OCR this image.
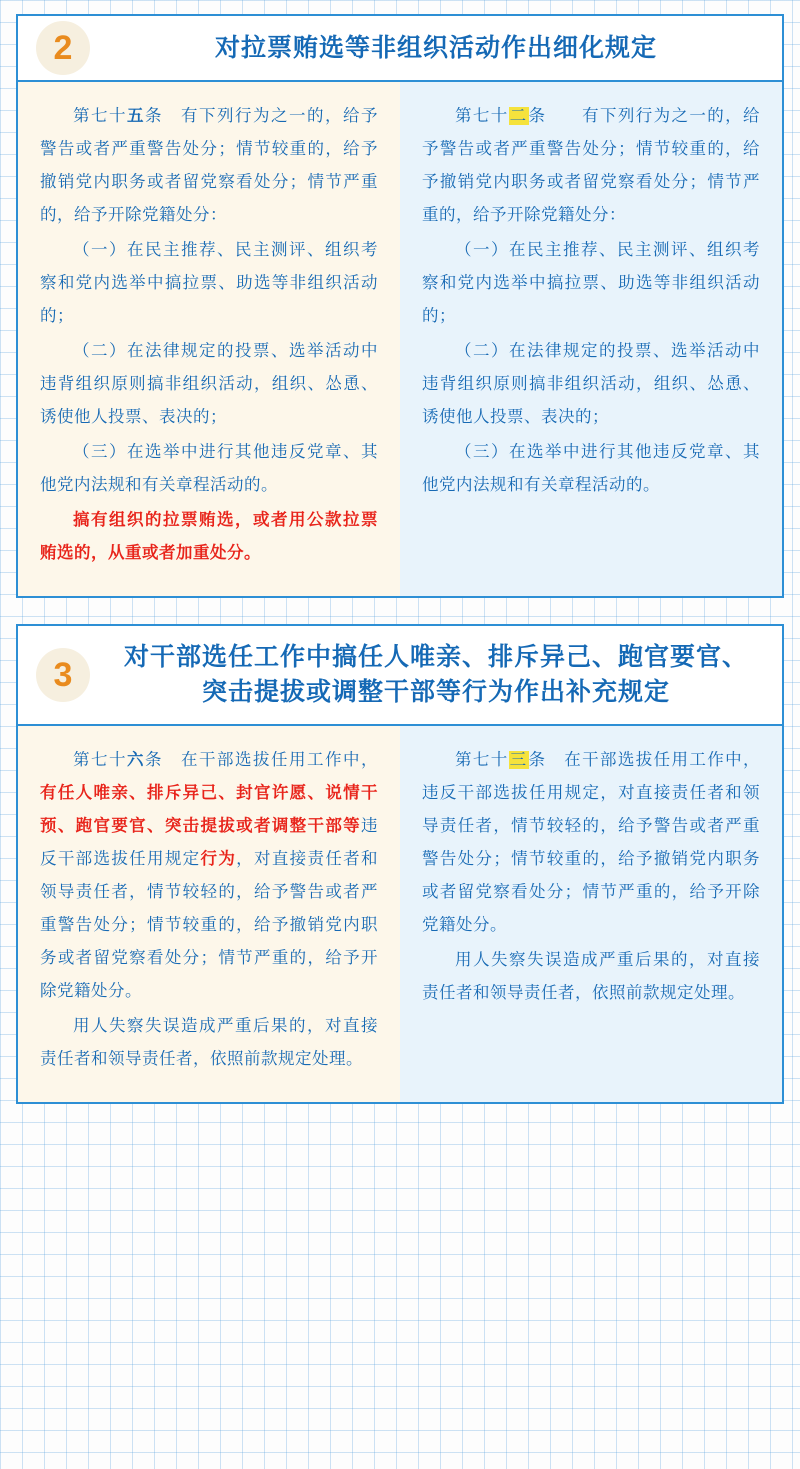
2	对拉票贿选等非组织活动作出细化规定

第七十五条　有下列行为之一的，给予警告或者严重警告处分；情节较重的，给予撤销党内职务或者留党察看处分；情节严重的，给予开除党籍处分：

（一）在民主推荐、民主测评、组织考察和党内选举中搞拉票、助选等非组织活动的；

（二）在法律规定的投票、选举活动中违背组织原则搞非组织活动，组织、怂恿、诱使他人投票、表决的；

（三）在选举中进行其他违反党章、其他党内法规和有关章程活动的。

搞有组织的拉票贿选，或者用公款拉票贿选的，从重或者加重处分。

第七十二条　　有下列行为之一的，给予警告或者严重警告处分；情节较重的，给予撤销党内职务或者留党察看处分；情节严重的，给予开除党籍处分：

（一）在民主推荐、民主测评、组织考察和党内选举中搞拉票、助选等非组织活动的；

（二）在法律规定的投票、选举活动中违背组织原则搞非组织活动，组织、怂恿、诱使他人投票、表决的；

（三）在选举中进行其他违反党章、其他党内法规和有关章程活动的。

3	对干部选任工作中搞任人唯亲、排斥异己、跑官要官、突击提拔或调整干部等行为作出补充规定

第七十六条　在干部选拔任用工作中，有任人唯亲、排斥异己、封官许愿、说情干预、跑官要官、突击提拔或者调整干部等违反干部选拔任用规定行为，对直接责任者和领导责任者，情节较轻的，给予警告或者严重警告处分；情节较重的，给予撤销党内职务或者留党察看处分；情节严重的，给予开除党籍处分。

用人失察失误造成严重后果的，对直接责任者和领导责任者，依照前款规定处理。

第七十三条　在干部选拔任用工作中，违反干部选拔任用规定，对直接责任者和领导责任者，情节较轻的，给予警告或者严重警告处分；情节较重的，给予撤销党内职务或者留党察看处分；情节严重的，给予开除党籍处分。

用人失察失误造成严重后果的，对直接责任者和领导责任者，依照前款规定处理。
